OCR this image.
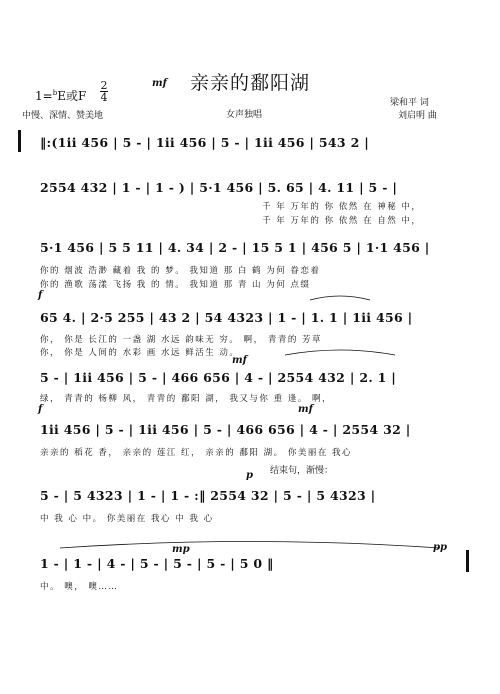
亲亲的鄱阳湖
mf
1=$^b$E或F $\frac{2}{4}$
中慢、深情、赞美地	女声独唱
梁和平 词
刘启明 曲
‖:(1ii 456 | 5 - | 1ii 456 | 5 - | 1ii 456 | 543 2 |
2554 432 | 1 - | 1 - ) | 5·1 456 | 5. 65 | 4. 11 | 5 - |
千 年 万年的 你 依然 在 神秘 中，
千 年 万年的 你 依然 在 自然 中，
5·1 456 | 5 5 11 | 4. 34 | 2 - | 15 5 1 | 456 5 | 1·1 456 |
你的 烟波 浩渺 藏着 我 的 梦。 我知道 那 白 鹤 为何 眷恋着
你的 渔歌 荡漾 飞扬 我 的 情。 我知道 那 青 山 为何 点缀
f
65 4. | 2·5 255 | 43 2 | 54 4323 | 1 - | 1. 1 | 1ii 456 |
你， 你是 长江的 一盏 湖 水远 韵味无 穷。 啊， 青青的 芳草
你， 你是 人间的 水彩 画 水远 鲜活生 动。
mf
5 - | 1ii 456 | 5 - | 466 656 | 4 - | 2554 432 | 2. 1 |
绿， 青青的 杨柳 风， 青青的 鄱阳 湖， 我又与你 重 逢。 啊，
f	mf
1ii 456 | 5 - | 1ii 456 | 5 - | 466 656 | 4 - | 2554 32 |
亲亲的 稻花 香， 亲亲的 莲江 红， 亲亲的 鄱阳 湖。 你美丽在 我心
结束句，渐慢：
p
5 - | 5 4323 | 1 - | 1 - :‖ 2554 32 | 5 - | 5 4323 |
中 我 心 中。 你美丽在 我心 中 我 心
mp	pp
1 - | 1 - | 4 - | 5 - | 5 - | 5 - | 5 0 ‖
中。 噢， 噢……
